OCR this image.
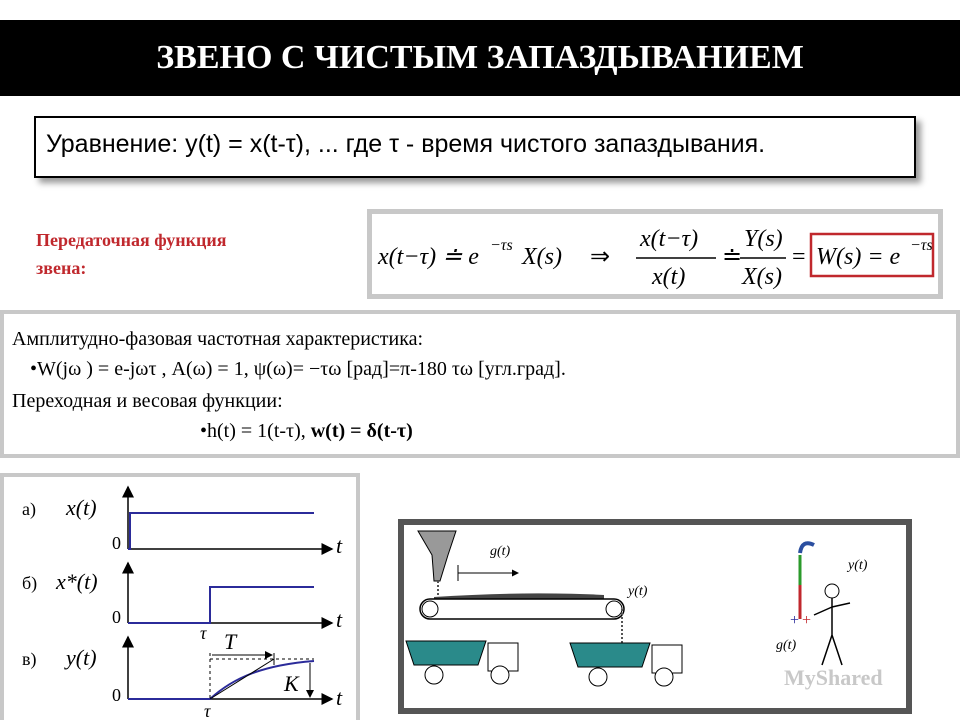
ЗВЕНО С ЧИСТЫМ ЗАПАЗДЫВАНИЕМ
Уравнение: y(t) = x(t-τ), ... где τ - время чистого запаздывания.
Передаточная функция
звена:	x(t−τ) ≐ e −τs X(s) ⇒
x(t−τ)
x(t)
≐
Y(s)
X(s)
= W(s) = e −τs
Амплитудно-фазовая частотная характеристика:
•W(jω ) = e-jωτ , A(ω) = 1, ψ(ω)= −τω [рад]=π-180 τω [угл.град].
Переходная и весовая функции:
•h(t) = 1(t-τ), w(t) = δ(t-τ)
а) x(t)
0	t
б) x*(t)
0	t
τ
в) y(t)
0	t
τ
T
K
g(t)
y(t)
+ +
y(t)
g(t)
MyShared
